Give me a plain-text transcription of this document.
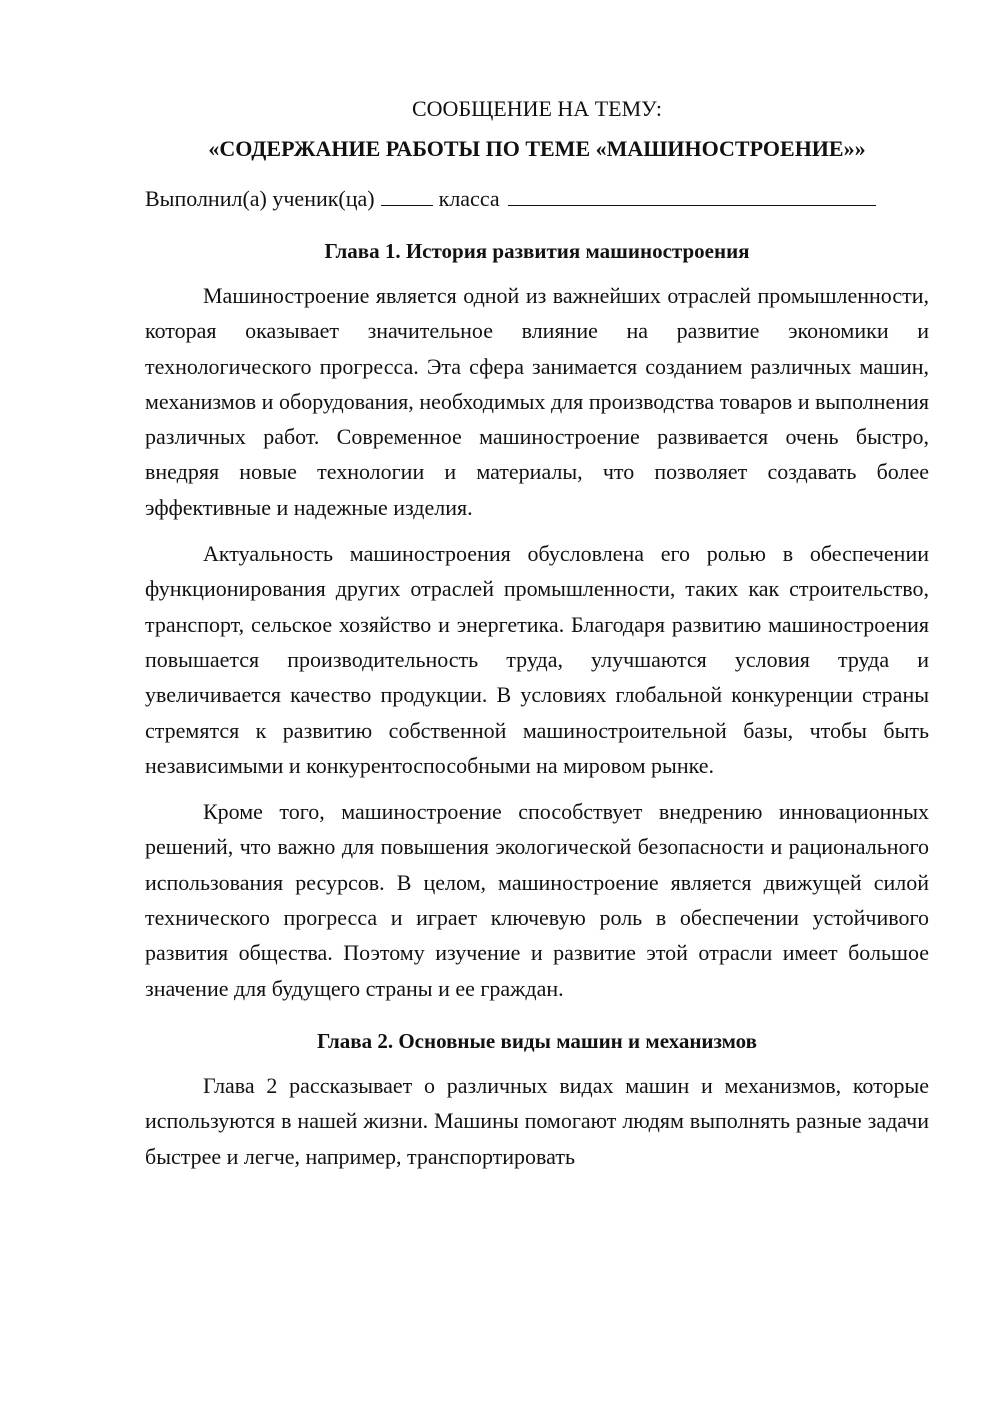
СООБЩЕНИЕ НА ТЕМУ:

«СОДЕРЖАНИЕ РАБОТЫ ПО ТЕМЕ «МАШИНОСТРОЕНИЕ»»

Выполнил(а) ученик(ца)	класса

Глава 1. История развития машиностроения

Машиностроение является одной из важнейших отраслей промышленности, которая оказывает значительное влияние на развитие экономики и технологического прогресса. Эта сфера занимается созданием различных машин, механизмов и оборудования, необходимых для производства товаров и выполнения различных работ. Современное машиностроение развивается очень быстро, внедряя новые технологии и материалы, что позволяет создавать более эффективные и надежные изделия.

Актуальность машиностроения обусловлена его ролью в обеспечении функционирования других отраслей промышленности, таких как строительство, транспорт, сельское хозяйство и энергетика. Благодаря развитию машиностроения повышается производительность труда, улучшаются условия труда и увеличивается качество продукции. В условиях глобальной конкуренции страны стремятся к развитию собственной машиностроительной базы, чтобы быть независимыми и конкурентоспособными на мировом рынке.

Кроме того, машиностроение способствует внедрению инновационных решений, что важно для повышения экологической безопасности и рационального использования ресурсов. В целом, машиностроение является движущей силой технического прогресса и играет ключевую роль в обеспечении устойчивого развития общества. Поэтому изучение и развитие этой отрасли имеет большое значение для будущего страны и ее граждан.

Глава 2. Основные виды машин и механизмов

Глава 2 рассказывает о различных видах машин и механизмов, которые используются в нашей жизни. Машины помогают людям выполнять разные задачи быстрее и легче, например, транспортировать
